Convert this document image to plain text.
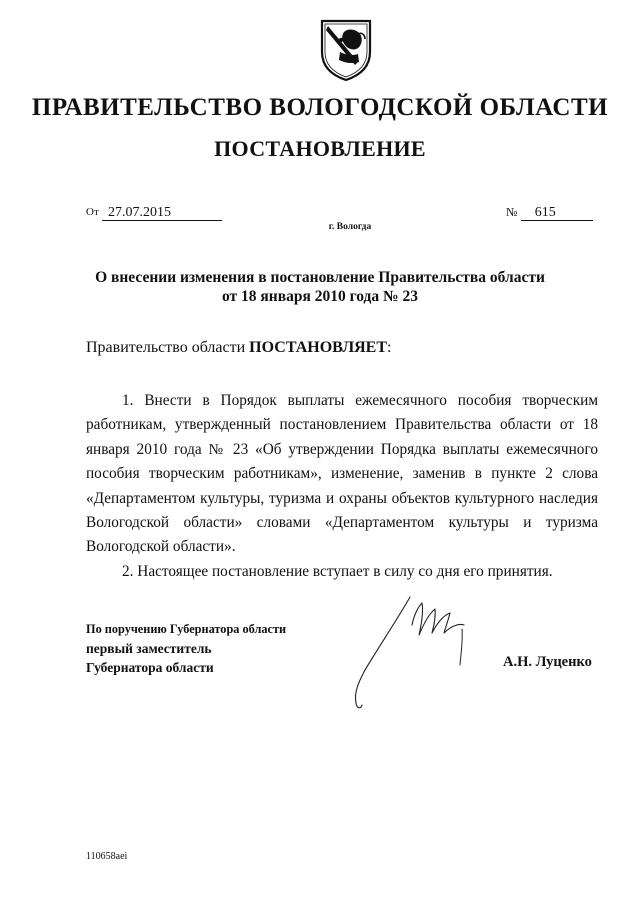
ПРАВИТЕЛЬСТВО ВОЛОГОДСКОЙ ОБЛАСТИ
ПОСТАНОВЛЕНИЕ
От 27.07.2015	№ 615
г. Вологда
О внесении изменения в постановление Правительства области
от 18 января 2010 года № 23
Правительство области ПОСТАНОВЛЯЕТ:

1. Внести в Порядок выплаты ежемесячного пособия творческим работникам, утвержденный постановлением Правительства области от 18 января 2010 года № 23 «Об утверждении Порядка выплаты ежемесячного пособия творческим работникам», изменение, заменив в пункте 2 слова «Департаментом культуры, туризма и охраны объектов культурного наследия Вологодской области» словами «Департаментом культуры и туризма Вологодской области».

2. Настоящее постановление вступает в силу со дня его принятия.

По поручению Губернатора области
первый заместитель
Губернатора области	А.Н. Луценко
110658aei
